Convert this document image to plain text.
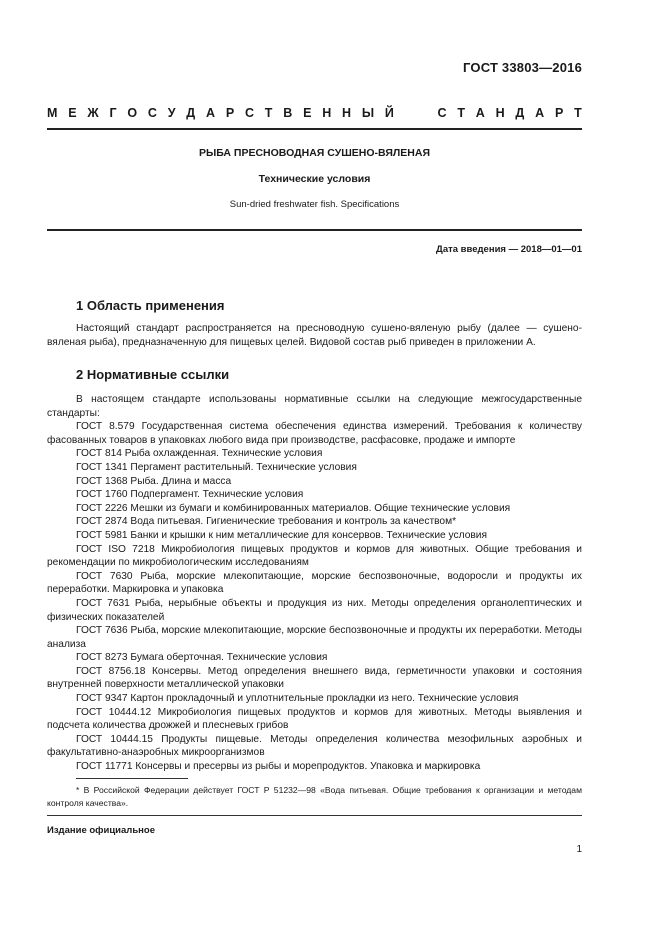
ГОСТ 33803—2016
М Е Ж Г О С У Д А Р С Т В Е Н Н Ы Й	С Т А Н Д А Р Т
РЫБА ПРЕСНОВОДНАЯ СУШЕНО-ВЯЛЕНАЯ
Технические условия
Sun-dried freshwater fish. Specifications
Дата введения — 2018—01—01
1 Область применения
Настоящий стандарт распространяется на пресноводную сушено-вяленую рыбу (далее — сушено-вяленая рыба), предназначенную для пищевых целей. Видовой состав рыб приведен в приложении А.
2 Нормативные ссылки

В настоящем стандарте использованы нормативные ссылки на следующие межгосударственные стандарты:

ГОСТ 8.579 Государственная система обеспечения единства измерений. Требования к количеству фасованных товаров в упаковках любого вида при производстве, расфасовке, продаже и импорте

ГОСТ 814 Рыба охлажденная. Технические условия

ГОСТ 1341 Пергамент растительный. Технические условия

ГОСТ 1368 Рыба. Длина и масса

ГОСТ 1760 Подпергамент. Технические условия

ГОСТ 2226 Мешки из бумаги и комбинированных материалов. Общие технические условия

ГОСТ 2874 Вода питьевая. Гигиенические требования и контроль за качеством*

ГОСТ 5981 Банки и крышки к ним металлические для консервов. Технические условия

ГОСТ ISO 7218 Микробиология пищевых продуктов и кормов для животных. Общие требования и рекомендации по микробиологическим исследованиям

ГОСТ 7630 Рыба, морские млекопитающие, морские беспозвоночные, водоросли и продукты их переработки. Маркировка и упаковка

ГОСТ 7631 Рыба, нерыбные объекты и продукция из них. Методы определения органолептических и физических показателей

ГОСТ 7636 Рыба, морские млекопитающие, морские беспозвоночные и продукты их переработки. Методы анализа

ГОСТ 8273 Бумага оберточная. Технические условия

ГОСТ 8756.18 Консервы. Метод определения внешнего вида, герметичности упаковки и состояния внутренней поверхности металлической упаковки

ГОСТ 9347 Картон прокладочный и уплотнительные прокладки из него. Технические условия

ГОСТ 10444.12 Микробиология пищевых продуктов и кормов для животных. Методы выявления и подсчета количества дрожжей и плесневых грибов

ГОСТ 10444.15 Продукты пищевые. Методы определения количества мезофильных аэробных и факультативно-анаэробных микроорганизмов

ГОСТ 11771 Консервы и пресервы из рыбы и морепродуктов. Упаковка и маркировка

* В Российской Федерации действует ГОСТ Р 51232—98 «Вода питьевая. Общие требования к организации и методам контроля качества».
Издание официальное
1
